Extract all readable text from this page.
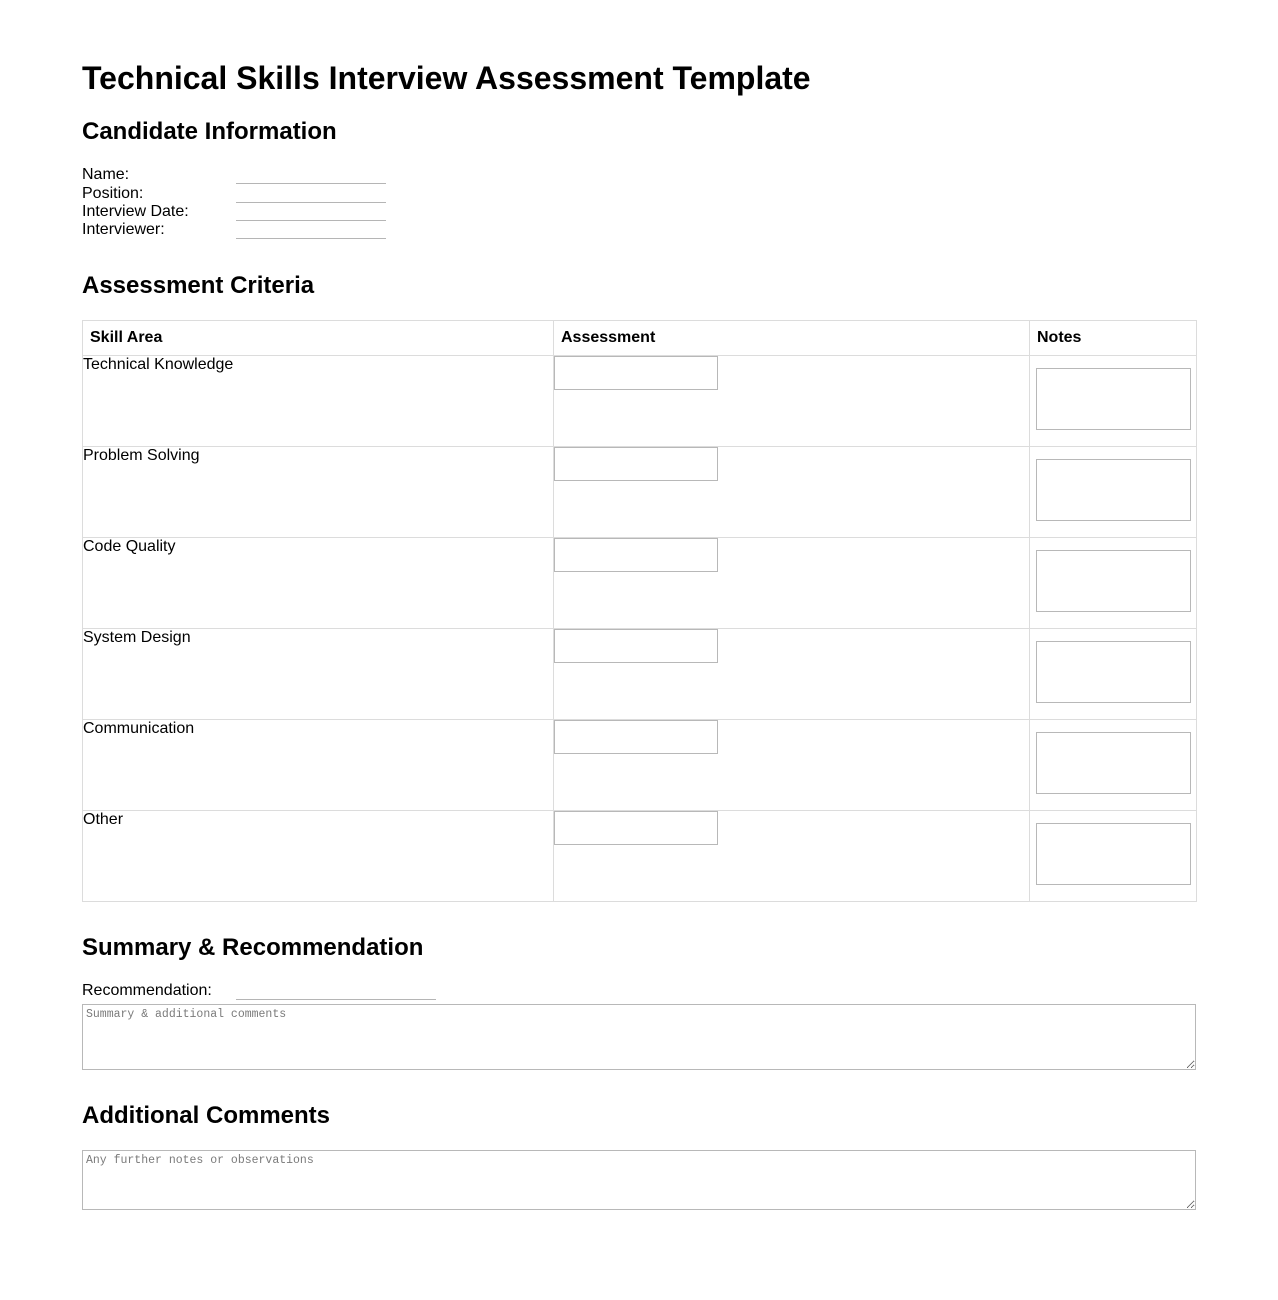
Technical Skills Interview Assessment Template
Candidate Information
Name:
Position:
Interview Date:
Interviewer:
Assessment Criteria
Skill Area	Assessment	Notes
Technical Knowledge	

Problem Solving	

Code Quality	

System Design	

Communication	

Other	

Summary & Recommendation
Recommendation:
Summary & additional comments
Additional Comments
Any further notes or observations
